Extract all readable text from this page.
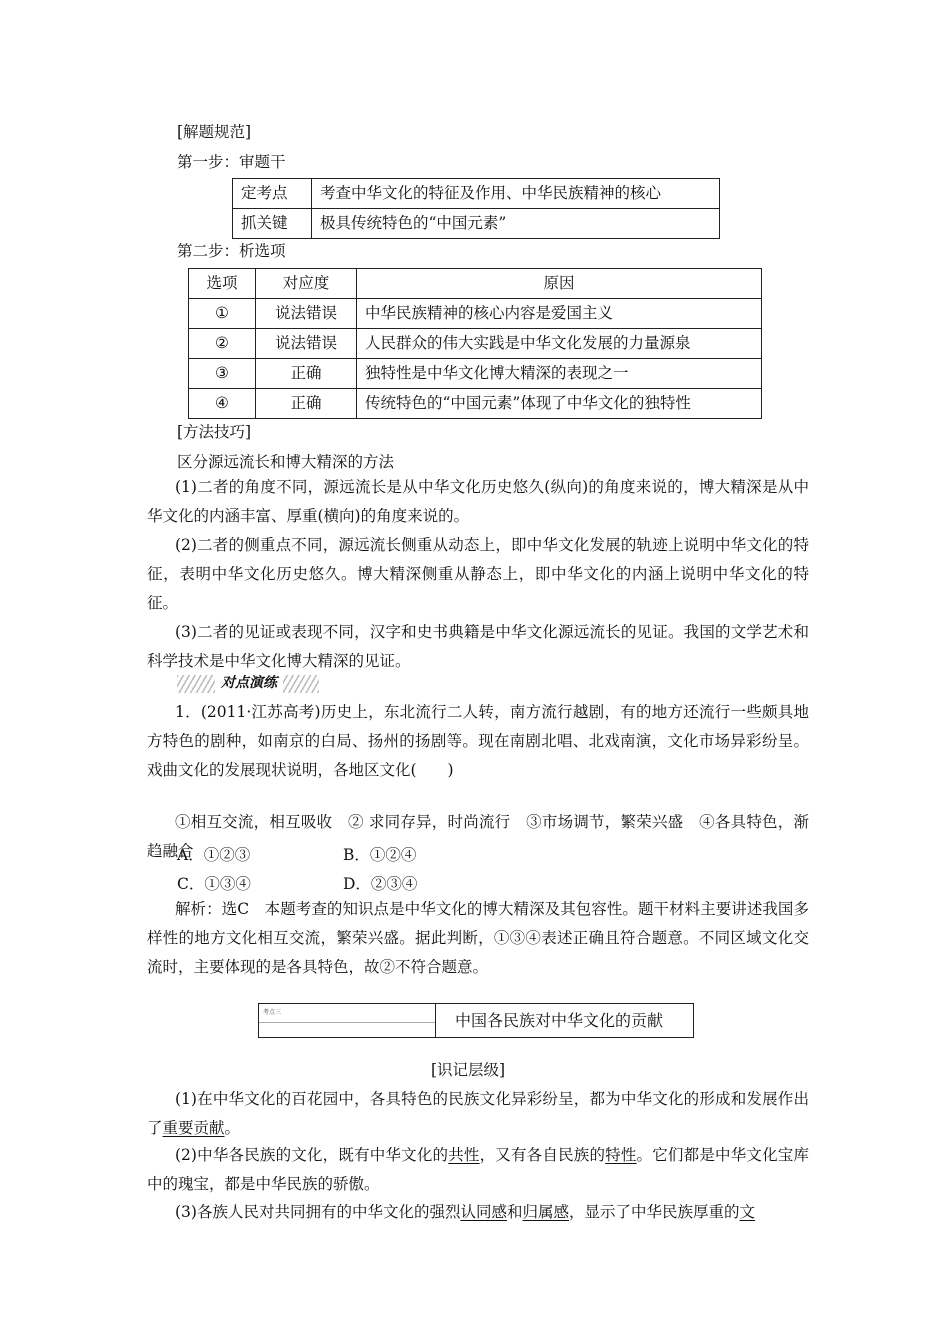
[解题规范]
第一步：审题干
定考点	考查中华文化的特征及作用、中华民族精神的核心
抓关键	极具传统特色的“中国元素”
第二步：析选项
选项	对应度	原因
①	说法错误	中华民族精神的核心内容是爱国主义
②	说法错误	人民群众的伟大实践是中华文化发展的力量源泉
③	正确	独特性是中华文化博大精深的表现之一
④	正确	传统特色的“中国元素”体现了中华文化的独特性
[方法技巧]
区分源远流长和博大精深的方法
(1)二者的角度不同，源远流长是从中华文化历史悠久(纵向)的角度来说的，博大精深是从中华文化的内涵丰富、厚重(横向)的角度来说的。
(2)二者的侧重点不同，源远流长侧重从动态上，即中华文化发展的轨迹上说明中华文化的特征，表明中华文化历史悠久。博大精深侧重从静态上，即中华文化的内涵上说明中华文化的特征。
(3)二者的见证或表现不同，汉字和史书典籍是中华文化源远流长的见证。我国的文学艺术和科学技术是中华文化博大精深的见证。
对点演练
1．(2011·江苏高考)历史上，东北流行二人转，南方流行越剧，有的地方还流行一些颇具地方特色的剧种，如南京的白局、扬州的扬剧等。现在南剧北唱、北戏南演，文化市场异彩纷呈。戏曲文化的发展现状说明，各地区文化(　　)
①相互交流，相互吸收　② 求同存异，时尚流行　③市场调节，繁荣兴盛　④各具特色，渐趋融合
A．①②③	B．①②④
C．①③④	D．②③④
解析：选C　本题考查的知识点是中华文化的博大精深及其包容性。题干材料主要讲述我国多样性的地方文化相互交流，繁荣兴盛。据此判断，①③④表述正确且符合题意。不同区域文化交流时，主要体现的是各具特色，故②不符合题意。
考点三	中国各民族对中华文化的贡献
[识记层级]
(1)在中华文化的百花园中，各具特色的民族文化异彩纷呈，都为中华文化的形成和发展作出了重要贡献。
(2)中华各民族的文化，既有中华文化的共性，又有各自民族的特性。它们都是中华文化宝库中的瑰宝，都是中华民族的骄傲。
(3)各族人民对共同拥有的中华文化的强烈认同感和归属感，显示了中华民族厚重的文
